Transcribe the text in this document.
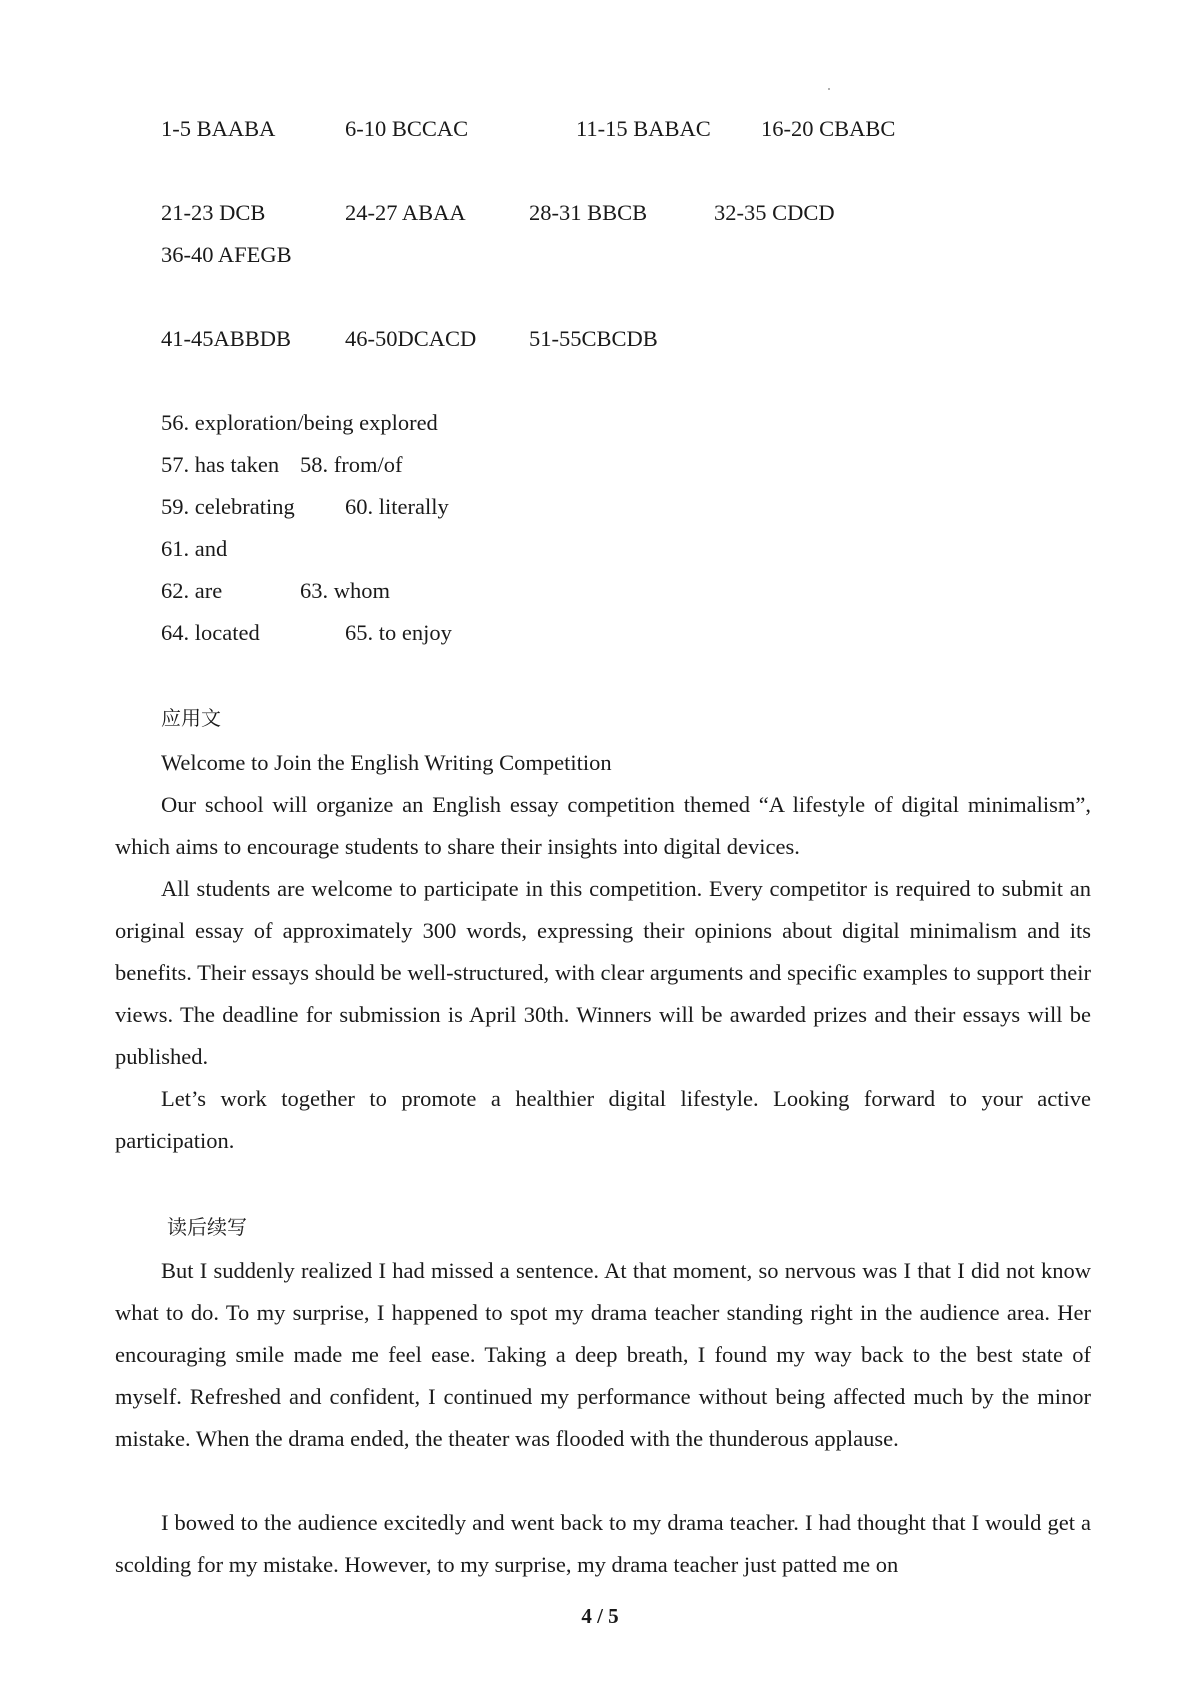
1-5 BAABA	6-10 BCCAC	11-15 BABAC 16-20 CBABC
21-23 DCB	24-27 ABAA	28-31 BBCB	32-35 CDCD
36-40 AFEGB
41-45ABBDB 46-50DCACD 51-55CBCDB
56. exploration/being explored
57. has taken 58. from/of
59. celebrating 60. literally
61. and
62. are	63. whom
64. located	65. to enjoy
应用文
Welcome to Join the English Writing Competition

Our school will organize an English essay competition themed “A lifestyle of digital minimalism”, which aims to encourage students to share their insights into digital devices.

All students are welcome to participate in this competition. Every competitor is required to submit an original essay of approximately 300 words, expressing their opinions about digital minimalism and its benefits. Their essays should be well-structured, with clear arguments and specific examples to support their views. The deadline for submission is April 30th. Winners will be awarded prizes and their essays will be published.

Let’s work together to promote a healthier digital lifestyle. Looking forward to your active participation.

读后续写

But I suddenly realized I had missed a sentence. At that moment, so nervous was I that I did not know what to do. To my surprise, I happened to spot my drama teacher standing right in the audience area. Her encouraging smile made me feel ease. Taking a deep breath, I found my way back to the best state of myself. Refreshed and confident, I continued my performance without being affected much by the minor mistake. When the drama ended, the theater was flooded with the thunderous applause.

I bowed to the audience excitedly and went back to my drama teacher. I had thought that I would get a scolding for my mistake. However, to my surprise, my drama teacher just patted me on

4 / 5
